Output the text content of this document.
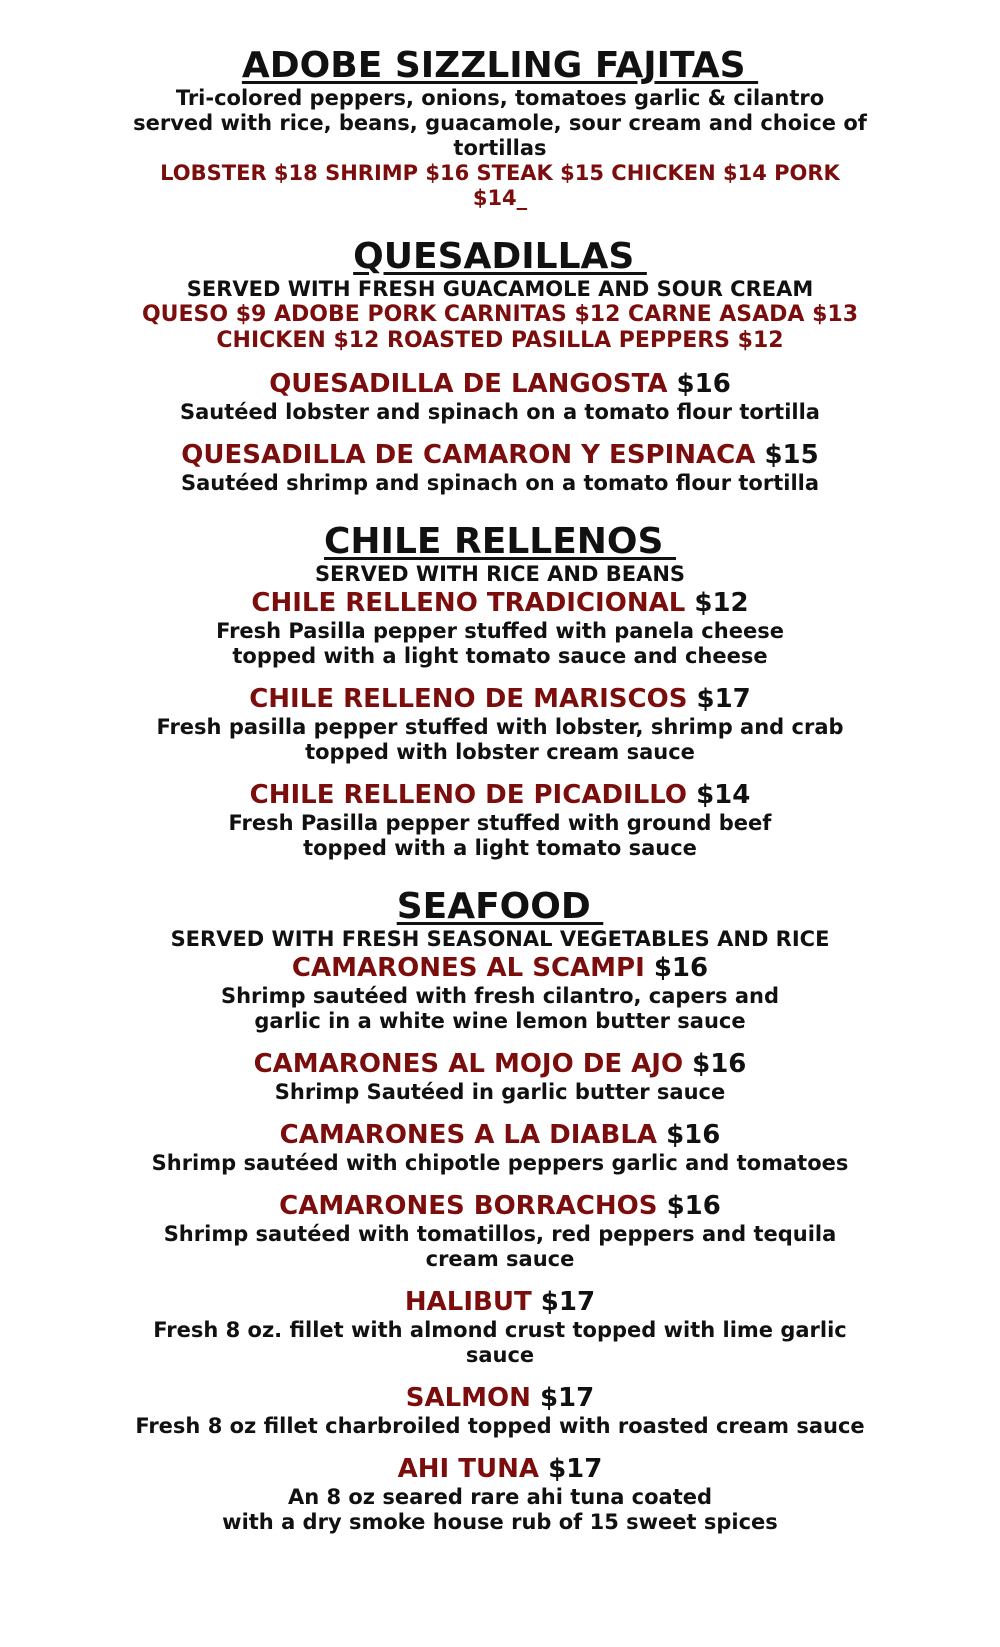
ADOBE SIZZLING FAJITAS

Tri-colored peppers, onions, tomatoes garlic & cilantro

served with rice, beans, guacamole, sour cream and choice of

tortillas

LOBSTER $18 SHRIMP $16 STEAK $15 CHICKEN $14 PORK

$14_

QUESADILLAS

SERVED WITH FRESH GUACAMOLE AND SOUR CREAM

QUESO $9 ADOBE PORK CARNITAS $12 CARNE ASADA $13

CHICKEN $12 ROASTED PASILLA PEPPERS $12

QUESADILLA DE LANGOSTA $16

Sautéed lobster and spinach on a tomato flour tortilla

QUESADILLA DE CAMARON Y ESPINACA $15

Sautéed shrimp and spinach on a tomato flour tortilla

CHILE RELLENOS

SERVED WITH RICE AND BEANS

CHILE RELLENO TRADICIONAL $12

Fresh Pasilla pepper stuffed with panela cheese

topped with a light tomato sauce and cheese

CHILE RELLENO DE MARISCOS $17

Fresh pasilla pepper stuffed with lobster, shrimp and crab

topped with lobster cream sauce

CHILE RELLENO DE PICADILLO $14

Fresh Pasilla pepper stuffed with ground beef

topped with a light tomato sauce

SEAFOOD

SERVED WITH FRESH SEASONAL VEGETABLES AND RICE

CAMARONES AL SCAMPI $16

Shrimp sautéed with fresh cilantro, capers and

garlic in a white wine lemon butter sauce

CAMARONES AL MOJO DE AJO $16

Shrimp Sautéed in garlic butter sauce

CAMARONES A LA DIABLA $16

Shrimp sautéed with chipotle peppers garlic and tomatoes

CAMARONES BORRACHOS $16

Shrimp sautéed with tomatillos, red peppers and tequila

cream sauce

HALIBUT $17

Fresh 8 oz. fillet with almond crust topped with lime garlic

sauce

SALMON $17

Fresh 8 oz fillet charbroiled topped with roasted cream sauce

AHI TUNA $17

An 8 oz seared rare ahi tuna coated

with a dry smoke house rub of 15 sweet spices
